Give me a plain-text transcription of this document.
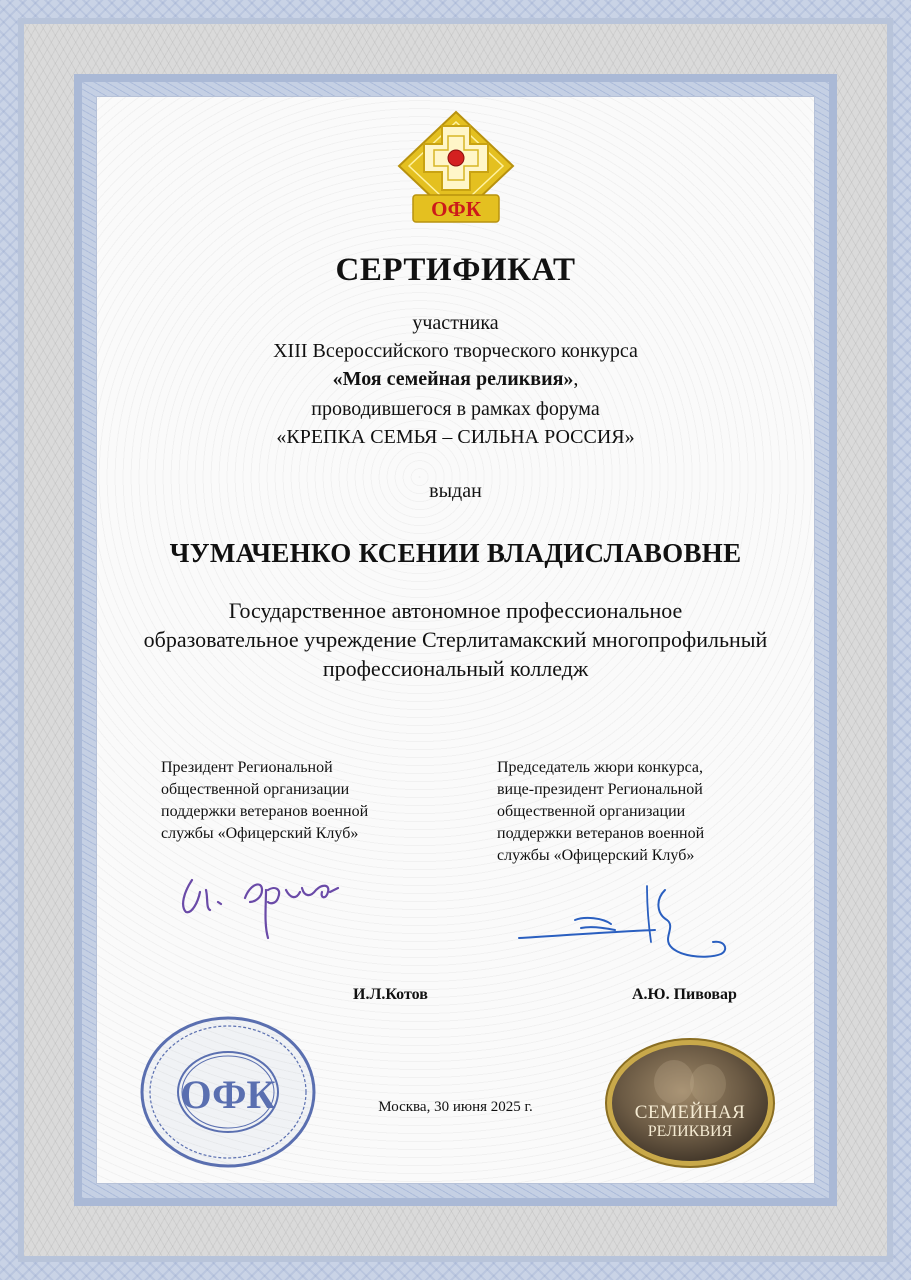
ОФК
СЕРТИФИКАТ
участника
XIII Всероссийского творческого конкурса
«Моя семейная реликвия»,
проводившегося в рамках форума
«КРЕПКА СЕМЬЯ – СИЛЬНА РОССИЯ»
выдан
ЧУМАЧЕНКО КСЕНИИ ВЛАДИСЛАВОВНЕ
Государственное автономное профессиональное
образовательное учреждение Стерлитамакский многопрофильный
профессиональный колледж
Президент Региональной
общественной организации
поддержки ветеранов военной
службы «Офицерский Клуб»
Председатель жюри конкурса,
вице-президент Региональной
общественной организации
поддержки ветеранов военной
службы «Офицерский Клуб»
И.Л.Котов	А.Ю. Пивовар
ОФК	Москва, 30 июня 2025 г.	СЕМЕЙНАЯ
РЕЛИКВИЯ
